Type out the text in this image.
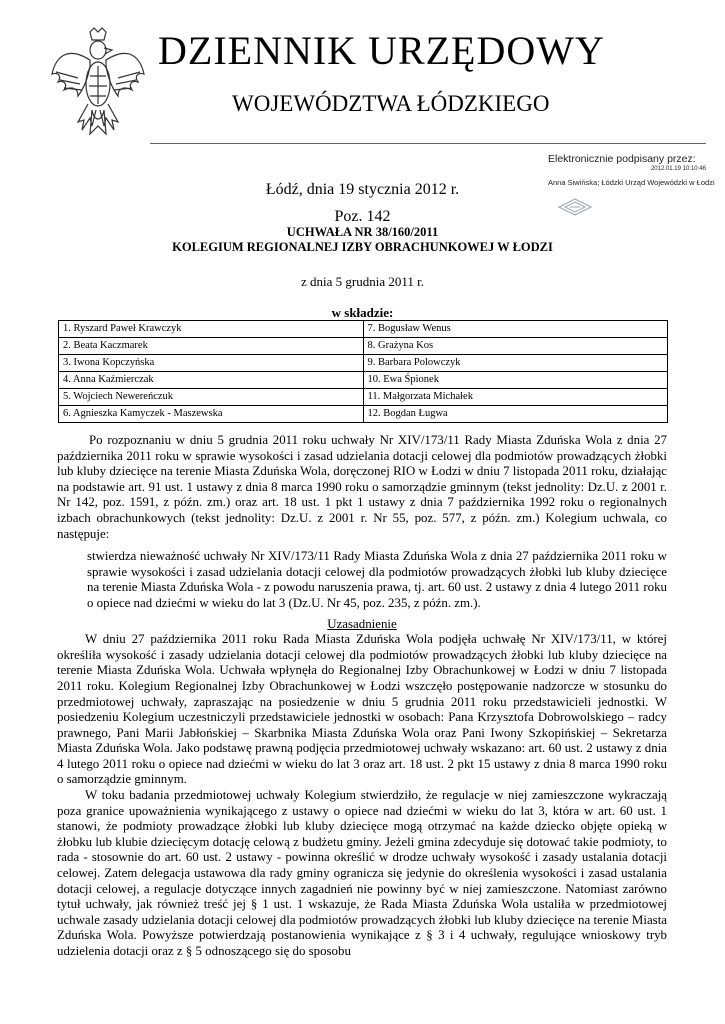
DZIENNIK URZĘDOWY
WOJEWÓDZTWA ŁÓDZKIEGO
Elektronicznie podpisany przez:
2012.01.19 10:10:46
Anna Siwińska; Łódzki Urząd Wojewódzki w Łodzi
Łódź, dnia 19 stycznia 2012 r.
Poz. 142
UCHWAŁA NR 38/160/2011
KOLEGIUM REGIONALNEJ IZBY OBRACHUNKOWEJ W ŁODZI
z dnia 5 grudnia 2011 r.
w składzie:
1. Ryszard Paweł Krawczyk	7. Bogusław Wenus
2. Beata Kaczmarek	8. Grażyna Kos
3. Iwona Kopczyńska	9. Barbara Polowczyk
4. Anna Kaźmierczak	10. Ewa Śpionek
5. Wojciech Newereńczuk	11. Małgorzata Michałek
6. Agnieszka Kamyczek - Maszewska	12. Bogdan Ługwa

Po rozpoznaniu w dniu 5 grudnia 2011 roku uchwały Nr XIV/173/11 Rady Miasta Zduńska Wola z dnia 27 października 2011 roku w sprawie wysokości i zasad udzielania dotacji celowej dla podmiotów prowadzących żłobki lub kluby dziecięce na terenie Miasta Zduńska Wola, doręczonej RIO w Łodzi w dniu 7 listopada 2011 roku, działając na podstawie art. 91 ust. 1 ustawy z dnia 8 marca 1990 roku o samorządzie gminnym (tekst jednolity: Dz.U. z 2001 r. Nr 142, poz. 1591, z późn. zm.) oraz art. 18 ust. 1 pkt 1 ustawy z dnia 7 października 1992 roku o regionalnych izbach obrachunkowych (tekst jednolity: Dz.U. z 2001 r. Nr 55, poz. 577, z późn. zm.) Kolegium uchwala, co następuje:

stwierdza nieważność uchwały Nr XIV/173/11 Rady Miasta Zduńska Wola z dnia 27 października 2011 roku w sprawie wysokości i zasad udzielania dotacji celowej dla podmiotów prowadzących żłobki lub kluby dziecięce na terenie Miasta Zduńska Wola - z powodu naruszenia prawa, tj. art. 60 ust. 2 ustawy z dnia 4 lutego 2011 roku o opiece nad dziećmi w wieku do lat 3 (Dz.U. Nr 45, poz. 235, z późn. zm.).

Uzasadnienie

W dniu 27 października 2011 roku Rada Miasta Zduńska Wola podjęła uchwałę Nr XIV/173/11, w której określiła wysokość i zasady udzielania dotacji celowej dla podmiotów prowadzących żłobki lub kluby dziecięce na terenie Miasta Zduńska Wola. Uchwała wpłynęła do Regionalnej Izby Obrachunkowej w Łodzi w dniu 7 listopada 2011 roku. Kolegium Regionalnej Izby Obrachunkowej w Łodzi wszczęło postępowanie nadzorcze w stosunku do przedmiotowej uchwały, zapraszając na posiedzenie w dniu 5 grudnia 2011 roku przedstawicieli jednostki. W posiedzeniu Kolegium uczestniczyli przedstawiciele jednostki w osobach: Pana Krzysztofa Dobrowolskiego – radcy prawnego, Pani Marii Jabłońskiej – Skarbnika Miasta Zduńska Wola oraz Pani Iwony Szkopińskiej – Sekretarza Miasta Zduńska Wola. Jako podstawę prawną podjęcia przedmiotowej uchwały wskazano: art. 60 ust. 2 ustawy z dnia 4 lutego 2011 roku o opiece nad dziećmi w wieku do lat 3 oraz art. 18 ust. 2 pkt 15 ustawy z dnia 8 marca 1990 roku o samorządzie gminnym.

W toku badania przedmiotowej uchwały Kolegium stwierdziło, że regulacje w niej zamieszczone wykraczają poza granice upoważnienia wynikającego z ustawy o opiece nad dziećmi w wieku do lat 3, która w art. 60 ust. 1 stanowi, że podmioty prowadzące żłobki lub kluby dziecięce mogą otrzymać na każde dziecko objęte opieką w żłobku lub klubie dziecięcym dotację celową z budżetu gminy. Jeżeli gmina zdecyduje się dotować takie podmioty, to rada - stosownie do art. 60 ust. 2 ustawy - powinna określić w drodze uchwały wysokość i zasady ustalania dotacji celowej. Zatem delegacja ustawowa dla rady gminy ogranicza się jedynie do określenia wysokości i zasad ustalania dotacji celowej, a regulacje dotyczące innych zagadnień nie powinny być w niej zamieszczone. Natomiast zarówno tytuł uchwały, jak również treść jej § 1 ust. 1 wskazuje, że Rada Miasta Zduńska Wola ustaliła w przedmiotowej uchwale zasady udzielania dotacji celowej dla podmiotów prowadzących żłobki lub kluby dziecięce na terenie Miasta Zduńska Wola. Powyższe potwierdzają postanowienia wynikające z § 3 i 4 uchwały, regulujące wnioskowy tryb udzielenia dotacji oraz z § 5 odnoszącego się do sposobu
